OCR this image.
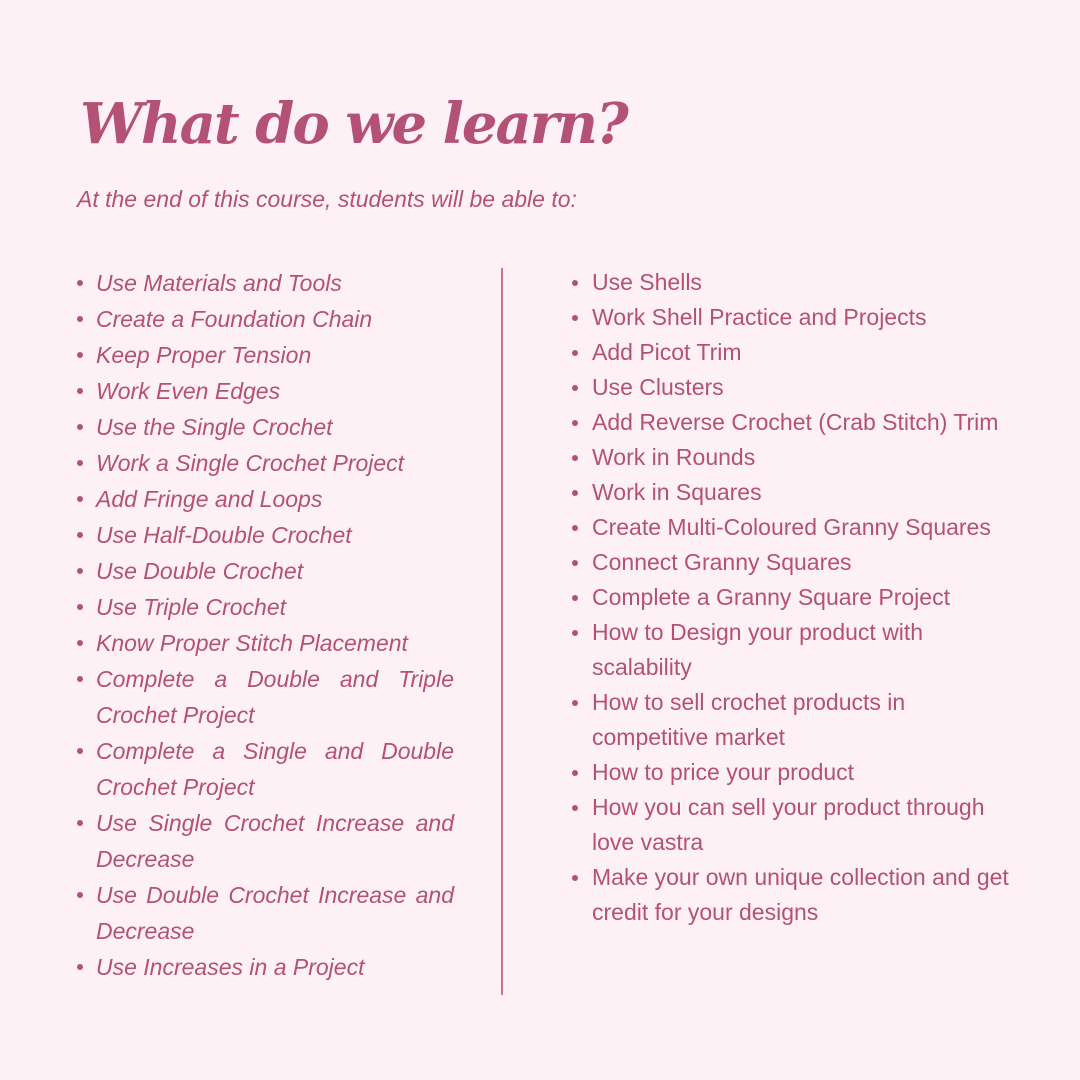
What do we learn?

At the end of this course, students will be able to:

Use Materials and Tools
Create a Foundation Chain
Keep Proper Tension
Work Even Edges
Use the Single Crochet
Work a Single Crochet Project
Add Fringe and Loops
Use Half-Double Crochet
Use Double Crochet
Use Triple Crochet
Know Proper Stitch Placement
Complete a Double and Triple Crochet Project
Complete a Single and Double Crochet Project
Use Single Crochet Increase and Decrease
Use Double Crochet Increase and Decrease
Use Increases in a Project
Use Shells
Work Shell Practice and Projects
Add Picot Trim
Use Clusters
Add Reverse Crochet (Crab Stitch) Trim
Work in Rounds
Work in Squares
Create Multi-Coloured Granny Squares
Connect Granny Squares
Complete a Granny Square Project
How to Design your product with scalability
How to sell crochet products in competitive market
How to price your product
How you can sell your product through love vastra
Make your own unique collection and get credit for your designs
